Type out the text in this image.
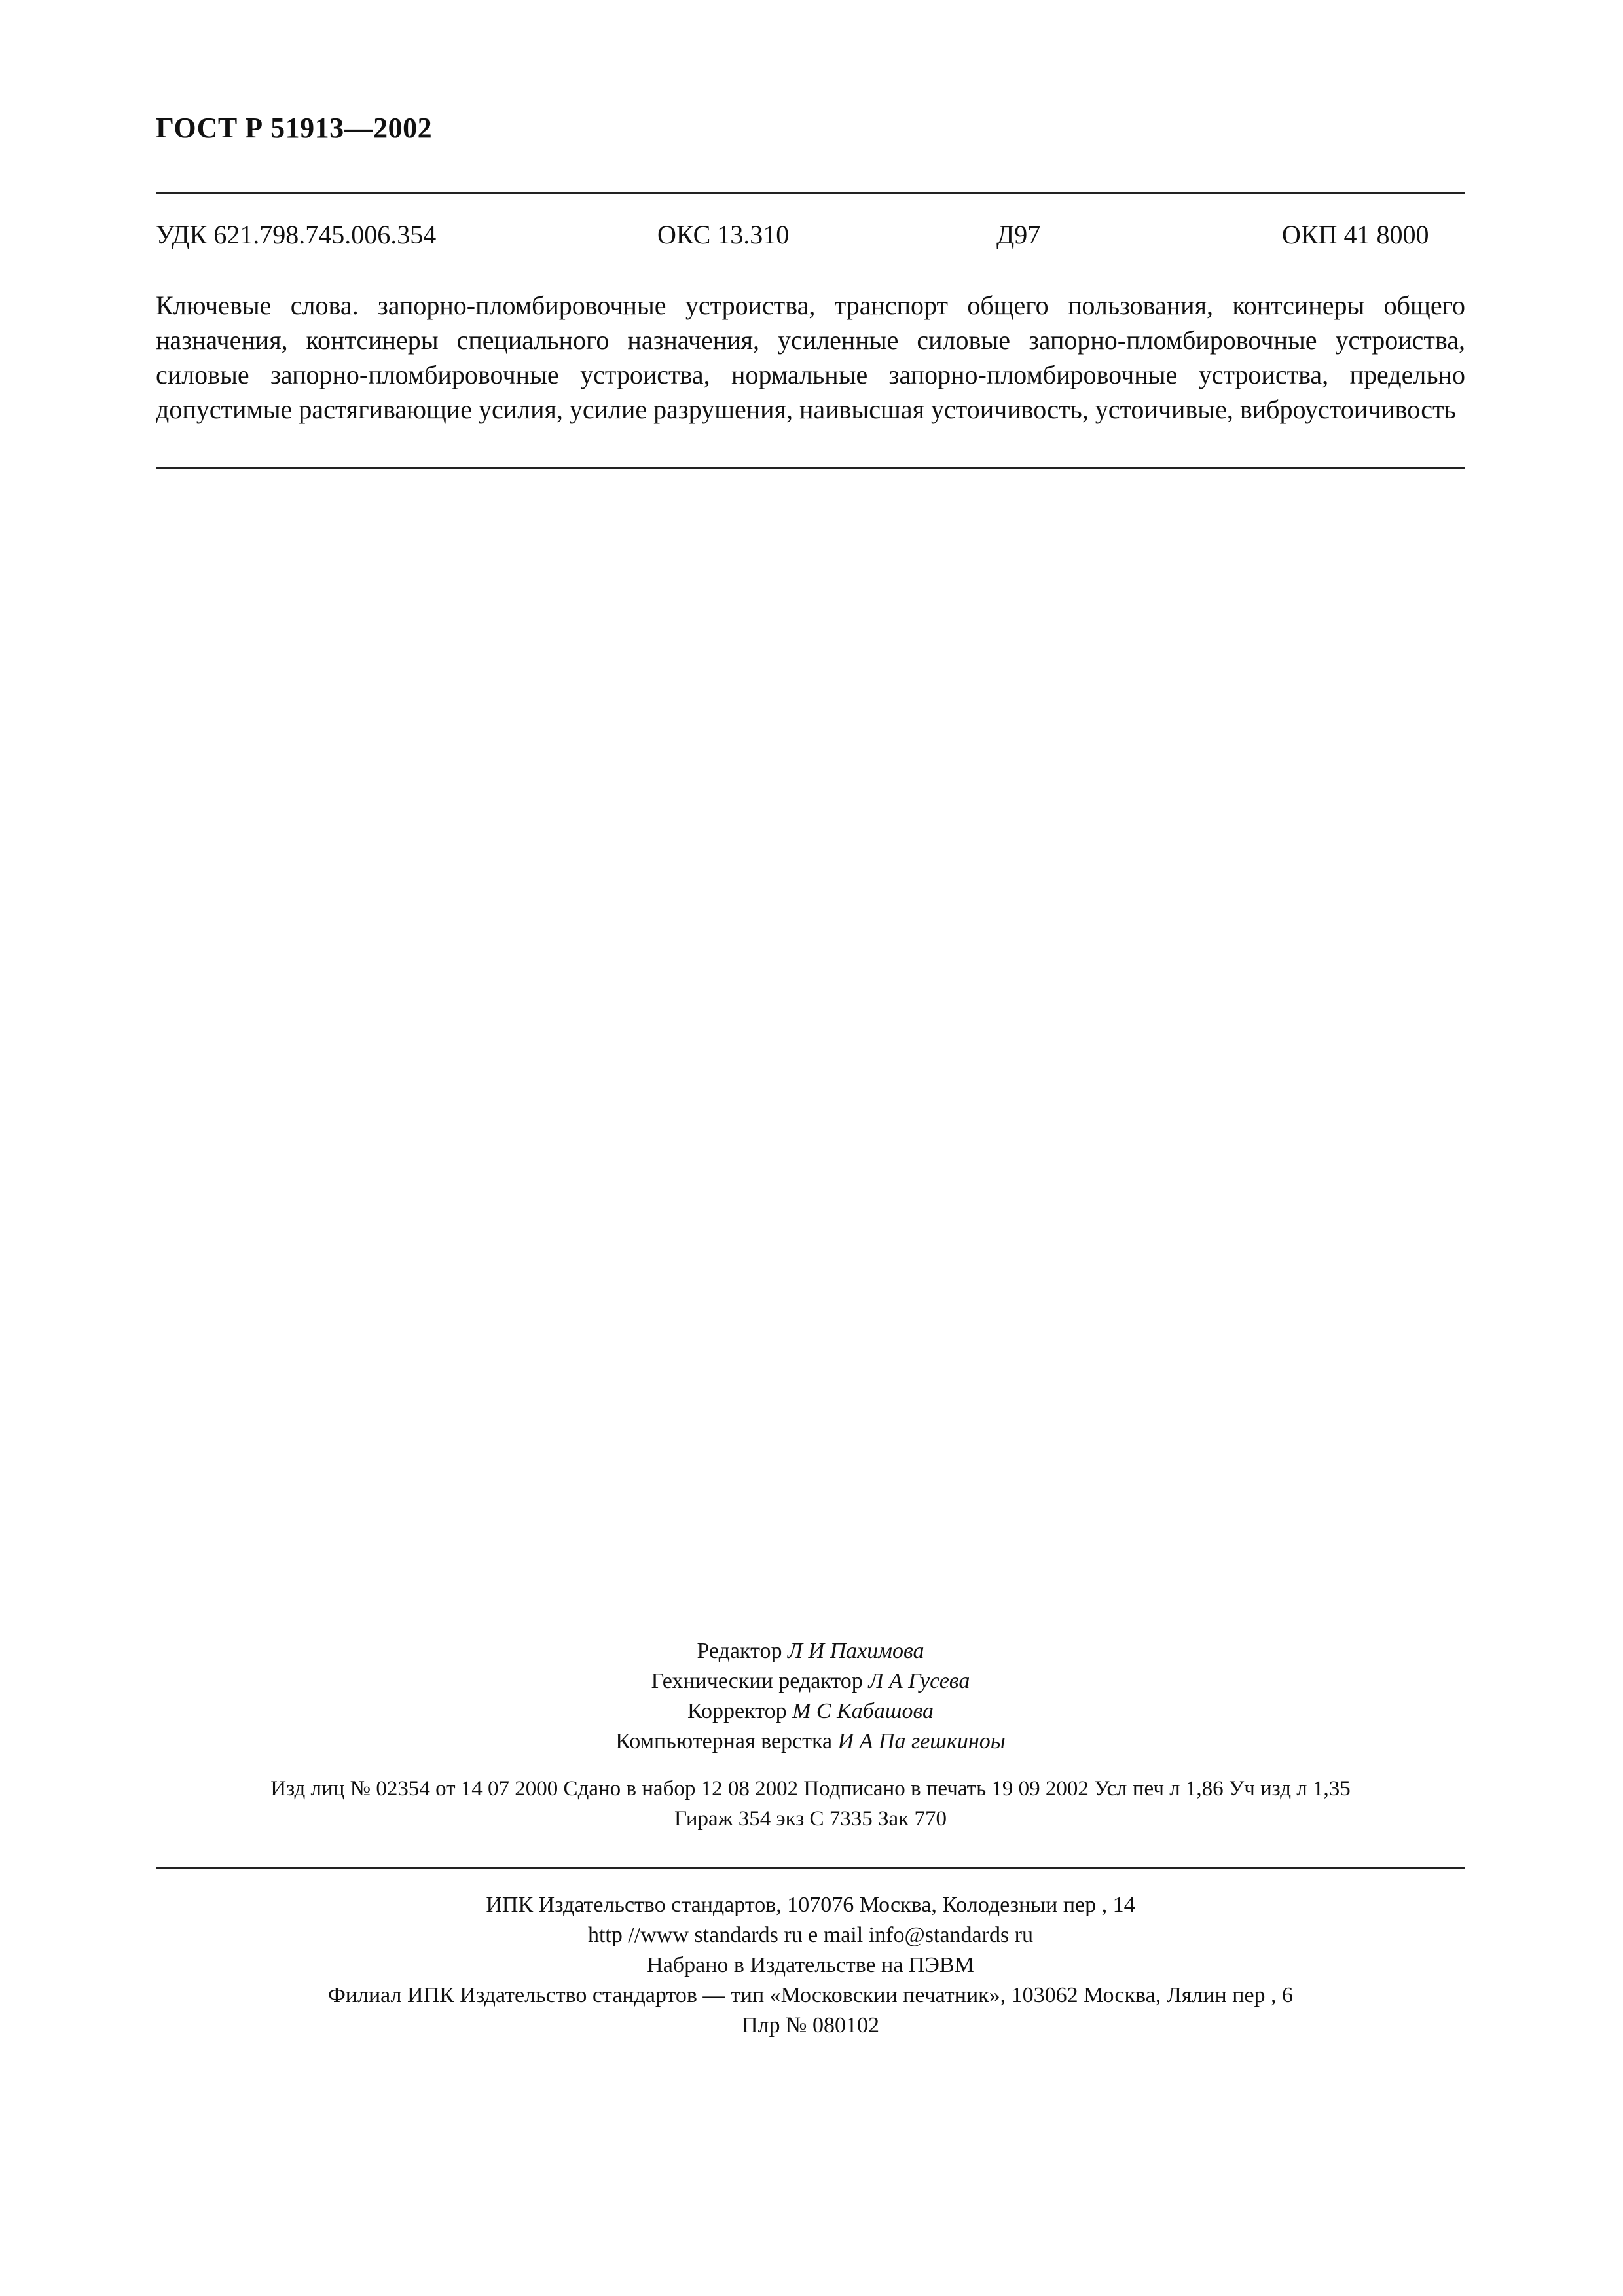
ГОСТ Р 51913—2002
УДК 621.798.745.006.354	ОКС 13.310	Д97	ОКП 41 8000
Ключевые слова. запорно-пломбировочные устроиства, транспорт общего пользования, контсинеры общего назначения, контсинеры специального назначения, усиленные силовые запорно-пломбировочные устроиства, силовые запорно-пломбировочные устроиства, нормальные запорно-пломбировочные устроиства, предельно допустимые растягивающие усилия, усилие разрушения, наивысшая устоичивость, устоичивые, виброустоичивость
Редактор Л И Пахимова
Гехническии редактор Л А Гусева
Корректор М С Кабашова
Компьютерная верстка И А Па гешкиноы
Изд лиц № 02354 от 14 07 2000 Сдано в набор 12 08 2002 Подписано в печать 19 09 2002 Усл печ л 1,86 Уч изд л 1,35
Гираж 354 экз С 7335 Зак 770
ИПК Издательство стандартов, 107076 Москва, Колодезныи пер , 14
http //www standards ru e mail info@standards ru
Набрано в Издательстве на ПЭВМ
Филиал ИПК Издательство стандартов — тип «Московскии печатник», 103062 Москва, Лялин пер , 6
Плр № 080102
